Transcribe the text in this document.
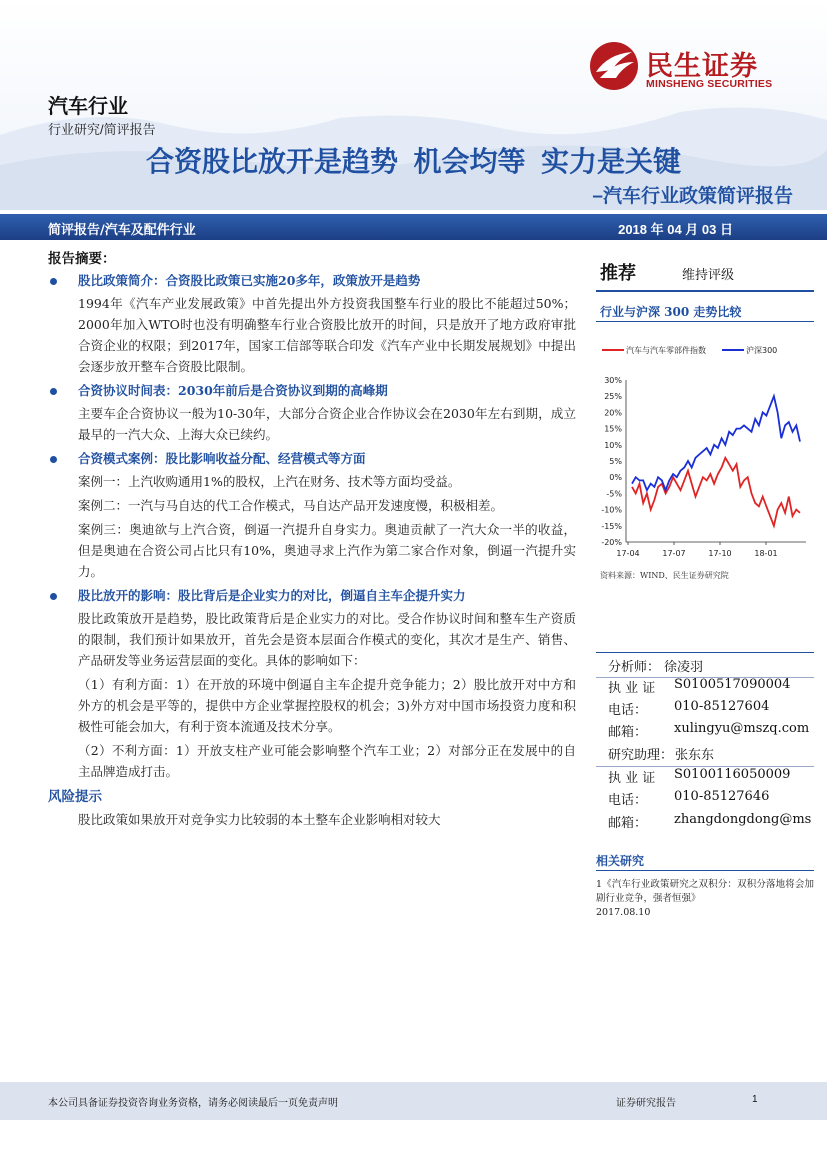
民生证券
MINSHENG SECURITIES
汽车行业
行业研究/简评报告
合资股比放开是趋势  机会均等  实力是关键
–汽车行业政策简评报告
简评报告/汽车及配件行业	2018 年 04 月 03 日

报告摘要：

股比政策简介：合资股比政策已实施20多年，政策放开是趋势

1994年《汽车产业发展政策》中首先提出外方投资我国整车行业的股比不能超过50%；2000年加入WTO时也没有明确整车行业合资股比放开的时间，只是放开了地方政府审批合资企业的权限；到2017年，国家工信部等联合印发《汽车产业中长期发展规划》中提出会逐步放开整车合资股比限制。

合资协议时间表：2030年前后是合资协议到期的高峰期

主要车企合资协议一般为10-30年，大部分合资企业合作协议会在2030年左右到期，成立最早的一汽大众、上海大众已续约。

合资模式案例：股比影响收益分配、经营模式等方面

案例一：上汽收购通用1%的股权，上汽在财务、技术等方面均受益。

案例二：一汽与马自达的代工合作模式，马自达产品开发速度慢，积极相差。

案例三：奥迪欲与上汽合资，倒逼一汽提升自身实力。奥迪贡献了一汽大众一半的收益，但是奥迪在合资公司占比只有10%，奥迪寻求上汽作为第二家合作对象，倒逼一汽提升实力。

股比放开的影响：股比背后是企业实力的对比，倒逼自主车企提升实力

股比政策放开是趋势，股比政策背后是企业实力的对比。受合作协议时间和整车生产资质的限制，我们预计如果放开，首先会是资本层面合作模式的变化，其次才是生产、销售、产品研发等业务运营层面的变化。具体的影响如下：

（1）有利方面：1）在开放的环境中倒逼自主车企提升竞争能力；2）股比放开对中方和外方的机会是平等的，提供中方企业掌握控股权的机会；3)外方对中国市场投资力度和积极性可能会加大，有利于资本流通及技术分享。

（2）不利方面：1）开放支柱产业可能会影响整个汽车工业；2）对部分正在发展中的自主品牌造成打击。

风险提示

股比政策如果放开对竞争实力比较弱的本土整车企业影响相对较大

推荐	维持评级
行业与沪深 300 走势比较
汽车与汽车零部件指数	沪深300
30%
25%
20%
15%
10%
5%
0%
-5%
-10%
-15%
-20%
17-04	17-07	17-10	18-01
资料来源：WIND、民生证券研究院
分析师： 徐凌羽
执 业 证 S0100517090004
电话： 010-85127604
邮箱： xulingyu@mszq.com
研究助理： 张东东
执 业 证 S0100116050009
电话： 010-85127646
邮箱： zhangdongdong@ms
相关研究
1《汽车行业政策研究之双积分：双积分落地将会加剧行业竞争，强者恒强》
2017.08.10
本公司具备证券投资咨询业务资格，请务必阅读最后一页免责声明	证券研究报告	1
